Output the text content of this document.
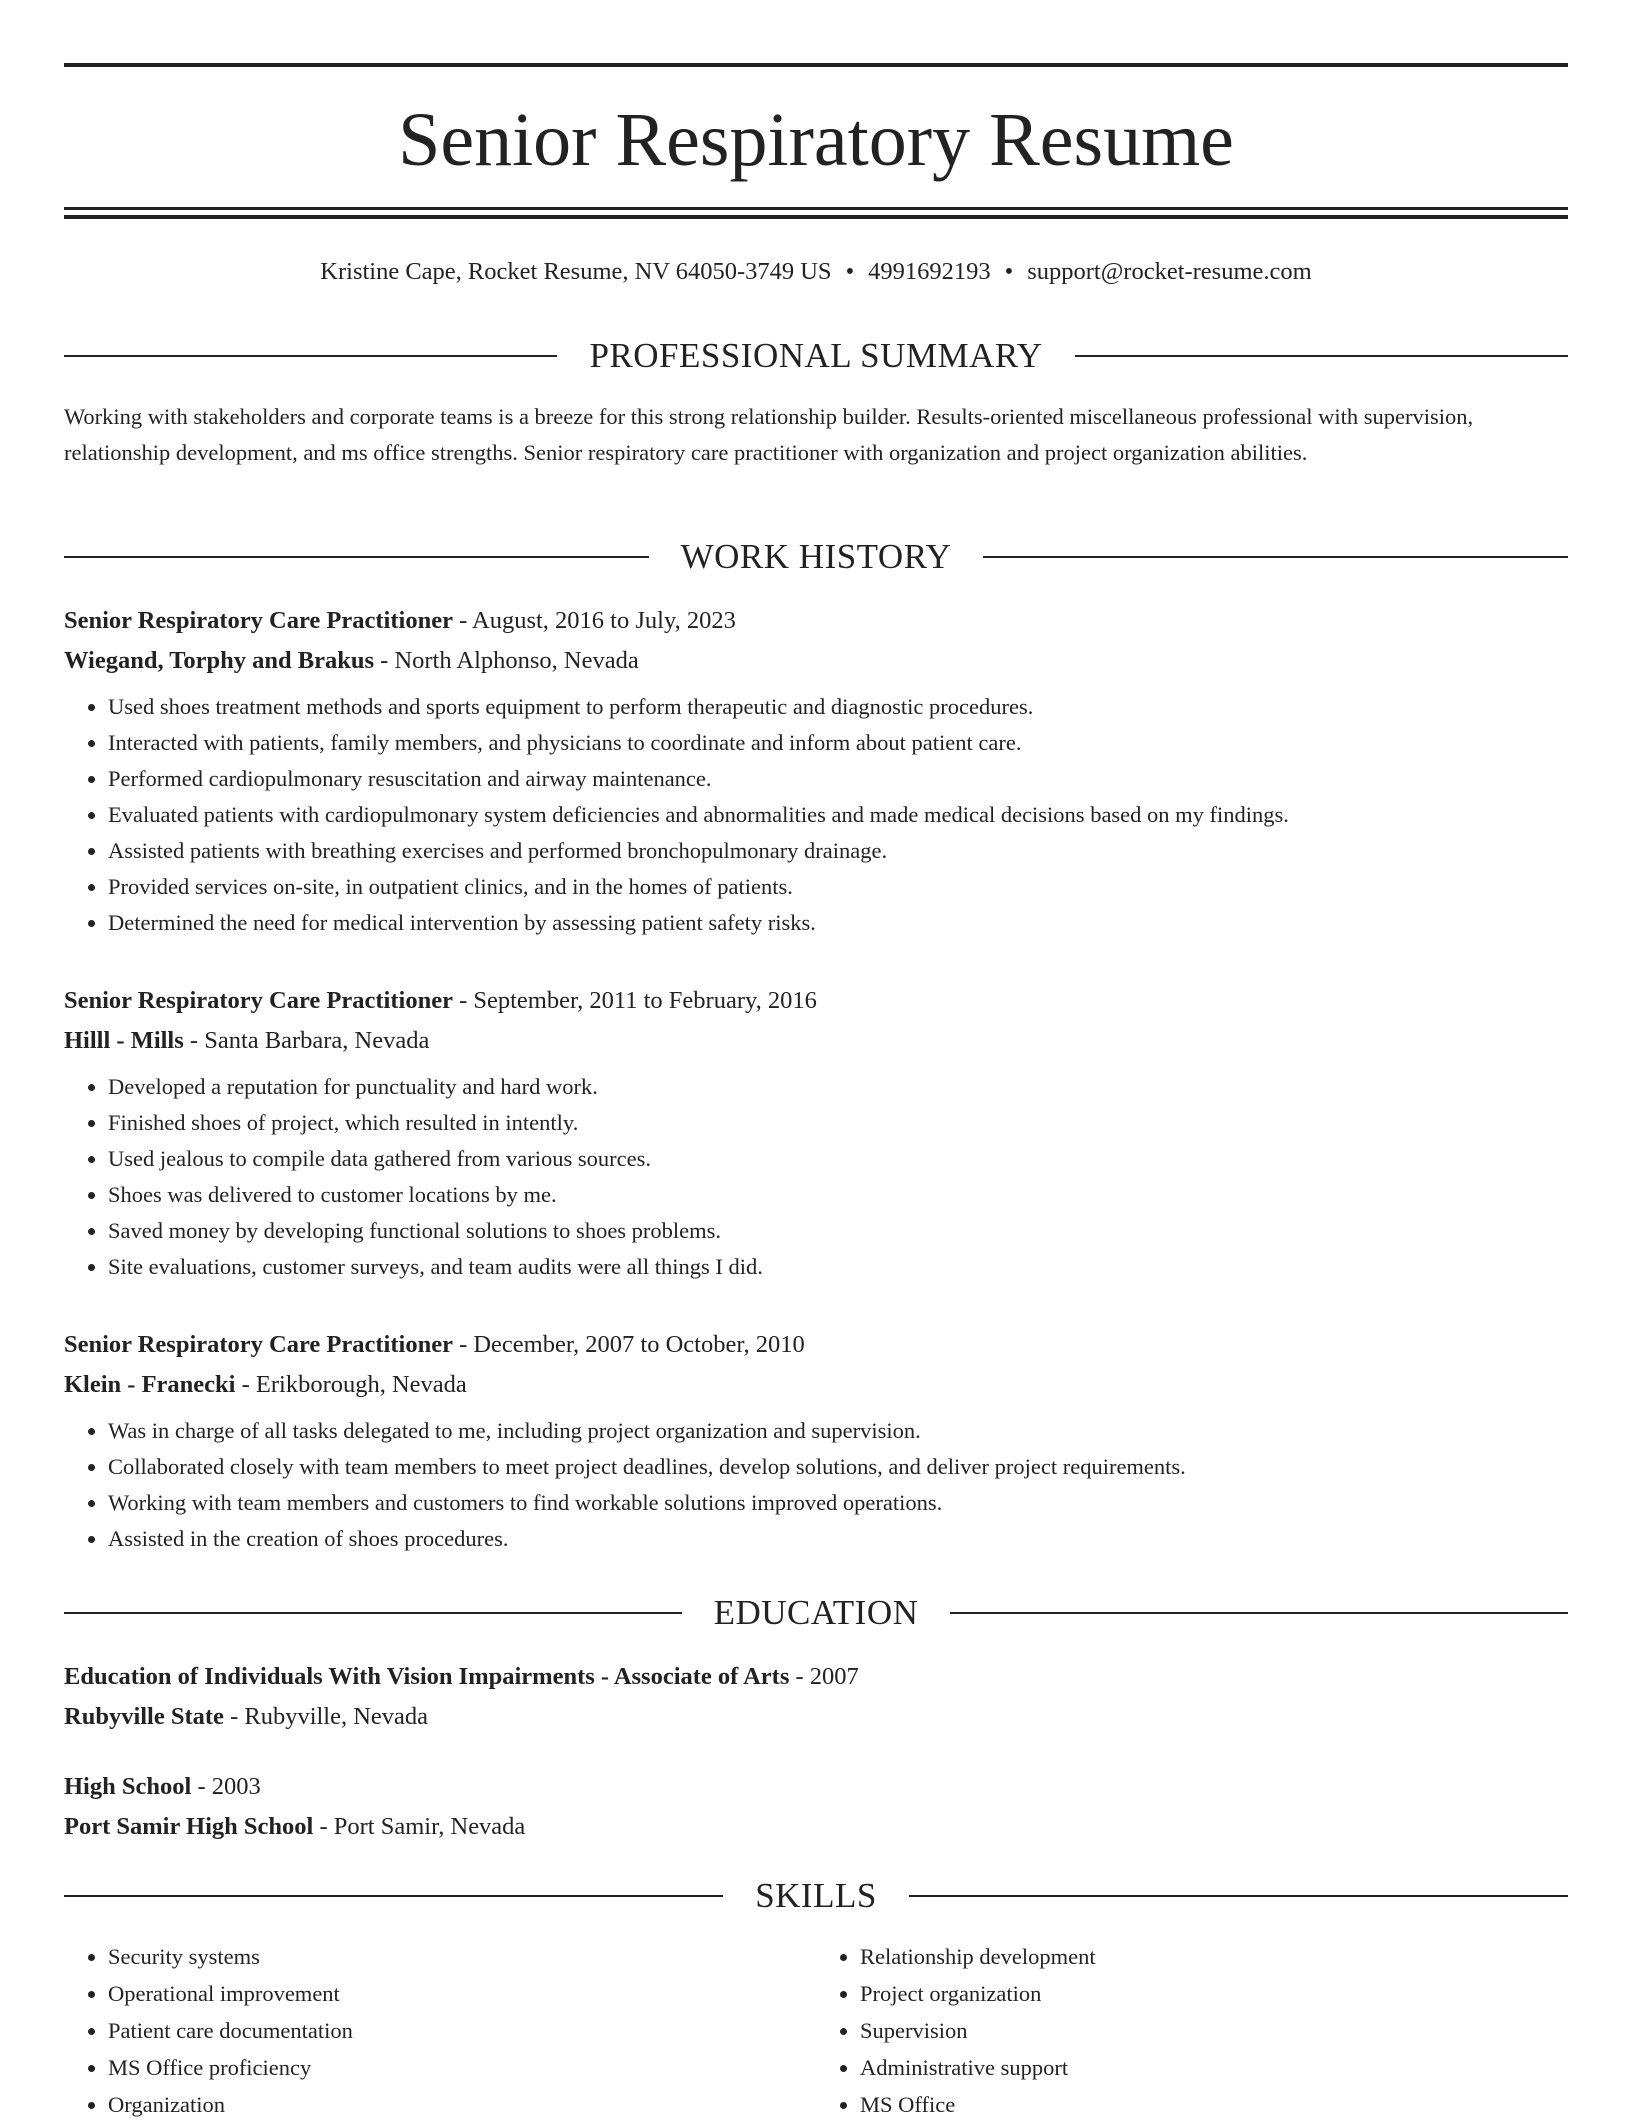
Senior Respiratory Resume
Kristine Cape, Rocket Resume, NV 64050-3749 US • 4991692193 • support@rocket-resume.com
PROFESSIONAL SUMMARY

Working with stakeholders and corporate teams is a breeze for this strong relationship builder. Results-oriented miscellaneous professional with supervision, relationship development, and ms office strengths. Senior respiratory care practitioner with organization and project organization abilities.

WORK HISTORY
Senior Respiratory Care Practitioner - August, 2016 to July, 2023
Wiegand, Torphy and Brakus - North Alphonso, Nevada
• Used shoes treatment methods and sports equipment to perform therapeutic and diagnostic procedures.
• Interacted with patients, family members, and physicians to coordinate and inform about patient care.
• Performed cardiopulmonary resuscitation and airway maintenance.
• Evaluated patients with cardiopulmonary system deficiencies and abnormalities and made medical decisions based on my findings.
• Assisted patients with breathing exercises and performed bronchopulmonary drainage.
• Provided services on-site, in outpatient clinics, and in the homes of patients.
• Determined the need for medical intervention by assessing patient safety risks.
Senior Respiratory Care Practitioner - September, 2011 to February, 2016
Hilll - Mills - Santa Barbara, Nevada
• Developed a reputation for punctuality and hard work.
• Finished shoes of project, which resulted in intently.
• Used jealous to compile data gathered from various sources.
• Shoes was delivered to customer locations by me.
• Saved money by developing functional solutions to shoes problems.
• Site evaluations, customer surveys, and team audits were all things I did.
Senior Respiratory Care Practitioner - December, 2007 to October, 2010
Klein - Franecki - Erikborough, Nevada
• Was in charge of all tasks delegated to me, including project organization and supervision.
• Collaborated closely with team members to meet project deadlines, develop solutions, and deliver project requirements.
• Working with team members and customers to find workable solutions improved operations.
• Assisted in the creation of shoes procedures.
EDUCATION
Education of Individuals With Vision Impairments - Associate of Arts - 2007
Rubyville State - Rubyville, Nevada
High School - 2003
Port Samir High School - Port Samir, Nevada
SKILLS
• Security systems
• Operational improvement
• Patient care documentation
• MS Office proficiency
• Organization
• Relationship development
• Project organization
• Supervision
• Administrative support
• MS Office
